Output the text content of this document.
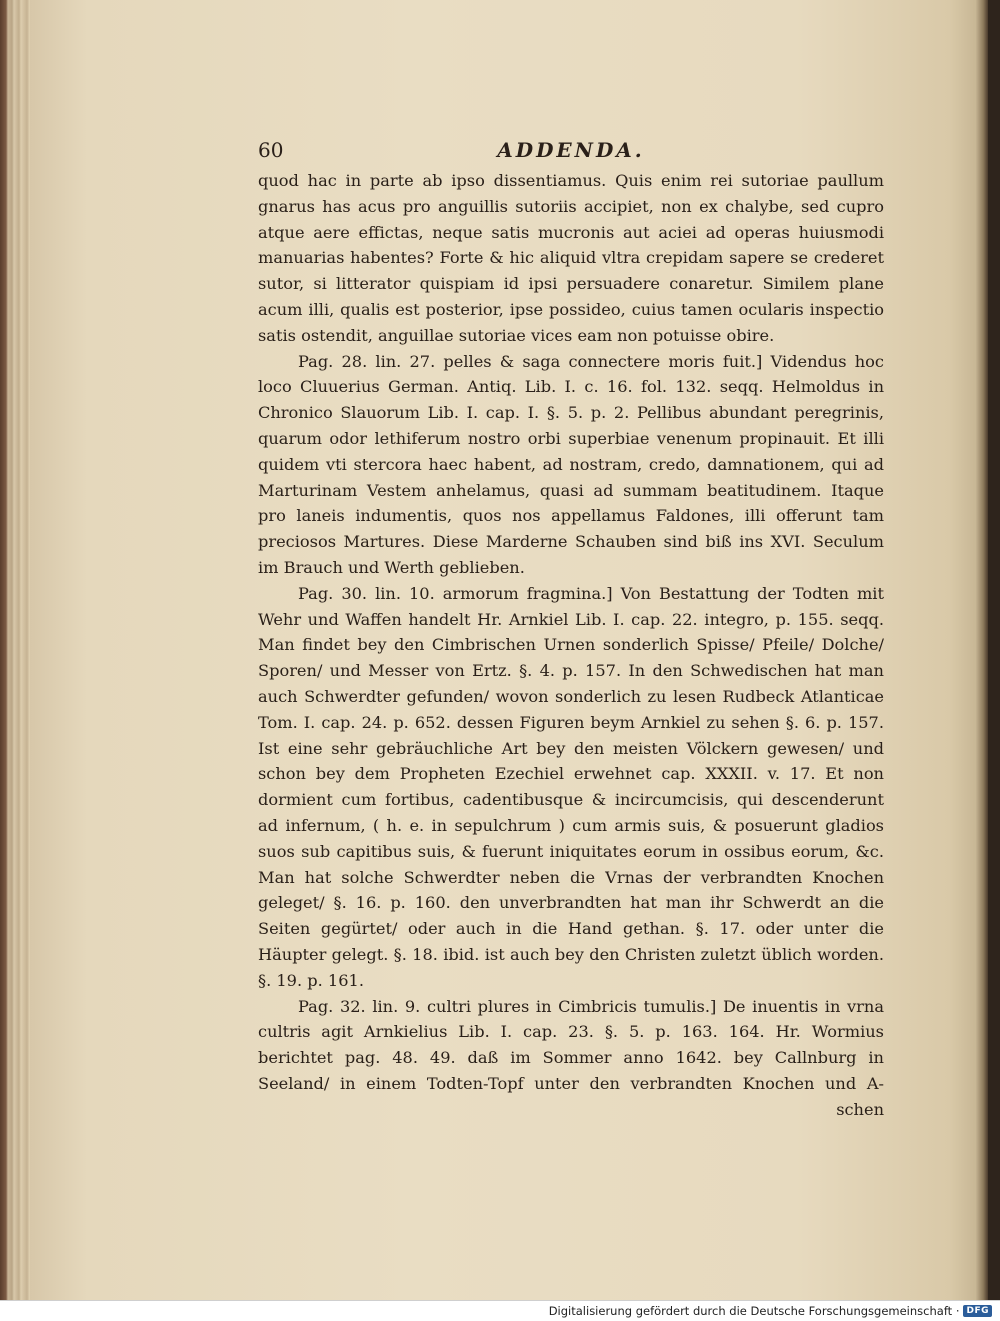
60	ADDENDA.

quod hac in parte ab ipso dissentiamus. Quis enim rei sutoriae paullum gnarus has acus pro anguillis sutoriis accipiet, non ex chalybe, sed cupro atque aere effictas, neque satis mucronis aut aciei ad operas huiusmodi manuarias habentes? Forte & hic aliquid vltra crepidam sapere se crederet sutor, si litterator quispiam id ipsi persuadere conaretur. Similem plane acum illi, qualis est posterior, ipse possideo, cuius tamen ocularis inspectio satis ostendit, anguillae sutoriae vices eam non potuisse obire.

Pag. 28. lin. 27. pelles & saga connectere moris fuit.] Videndus hoc loco Cluuerius German. Antiq. Lib. I. c. 16. fol. 132. seqq. Helmoldus in Chronico Slauorum Lib. I. cap. I. §. 5. p. 2. Pellibus abundant peregrinis, quarum odor lethiferum nostro orbi superbiae venenum propinauit. Et illi quidem vti stercora haec habent, ad nostram, credo, damnationem, qui ad Marturinam Vestem anhelamus, quasi ad summam beatitudinem. Itaque pro laneis indumentis, quos nos appellamus Faldones, illi offerunt tam preciosos Martures. Diese Marderne Schauben sind biß ins XVI. Seculum im Brauch und Werth geblieben.

Pag. 30. lin. 10. armorum fragmina.] Von Bestattung der Todten mit Wehr und Waffen handelt Hr. Arnkiel Lib. I. cap. 22. integro, p. 155. seqq. Man findet bey den Cimbrischen Urnen sonderlich Spisse/ Pfeile/ Dolche/ Sporen/ und Messer von Ertz. §. 4. p. 157. In den Schwedischen hat man auch Schwerdter gefunden/ wovon sonderlich zu lesen Rudbeck Atlanticae Tom. I. cap. 24. p. 652. dessen Figuren beym Arnkiel zu sehen §. 6. p. 157. Ist eine sehr gebräuchliche Art bey den meisten Völckern gewesen/ und schon bey dem Propheten Ezechiel erwehnet cap. XXXII. v. 17. Et non dormient cum fortibus, cadentibusque & incircumcisis, qui descenderunt ad infernum, ( h. e. in sepulchrum ) cum armis suis, & posuerunt gladios suos sub capitibus suis, & fuerunt iniquitates eorum in ossibus eorum, &c. Man hat solche Schwerdter neben die Vrnas der verbrandten Knochen geleget/ §. 16. p. 160. den unverbrandten hat man ihr Schwerdt an die Seiten gegürtet/ oder auch in die Hand gethan. §. 17. oder unter die Häupter gelegt. §. 18. ibid. ist auch bey den Christen zuletzt üblich worden. §. 19. p. 161.

Pag. 32. lin. 9. cultri plures in Cimbricis tumulis.] De inuentis in vrna cultris agit Arnkielius Lib. I. cap. 23. §. 5. p. 163. 164. Hr. Wormius berichtet pag. 48. 49. daß im Sommer anno 1642. bey Callnburg in Seeland/ in einem Todten-Topf unter den verbrandten Knochen und A-

schen
Digitalisierung gefördert durch die Deutsche Forschungsgemeinschaft · DFG
